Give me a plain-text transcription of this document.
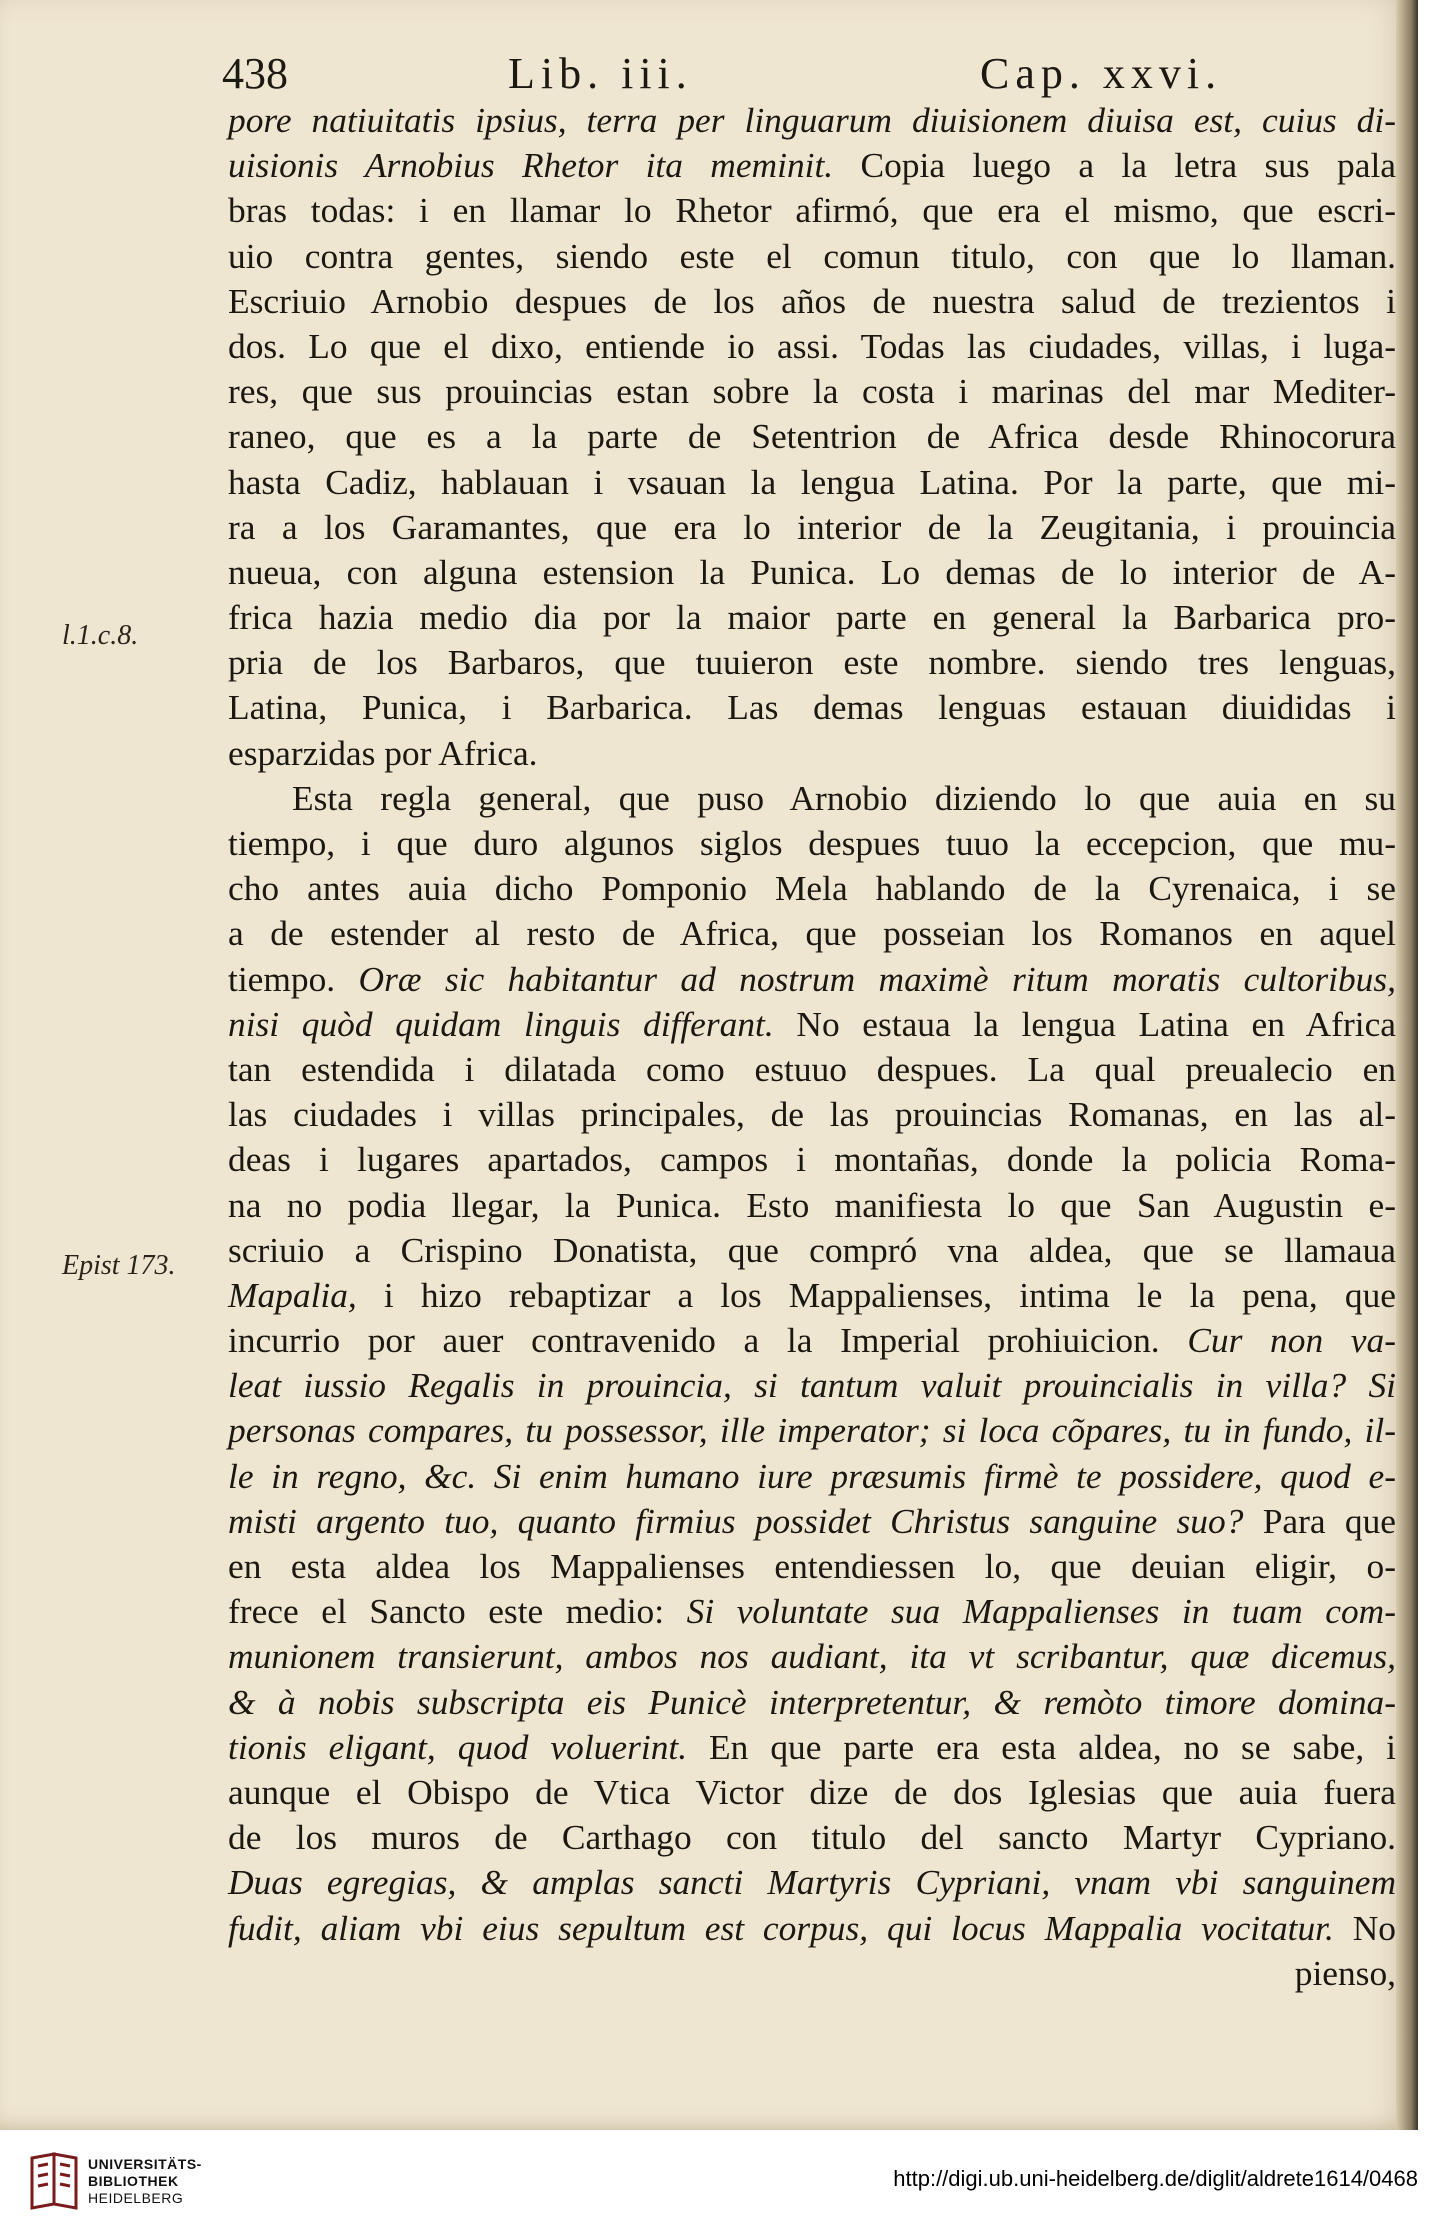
438	Lib. iii.	Cap. xxvi.
l.1.c.8.
Epist 173.
pore natiuitatis ipsius, terra per linguarum diuisionem diuisa est, cuius di-
uisionis Arnobius Rhetor ita meminit. Copia luego a la letra sus pala
bras todas: i en llamar lo Rhetor afirmó, que era el mismo, que escri-
uio contra gentes, siendo este el comun titulo, con que lo llaman.
Escriuio Arnobio despues de los años de nuestra salud de trezientos i
dos. Lo que el dixo, entiende io assi. Todas las ciudades, villas, i luga-
res, que sus prouincias estan sobre la costa i marinas del mar Mediter-
raneo, que es a la parte de Setentrion de Africa desde Rhinocorura
hasta Cadiz, hablauan i vsauan la lengua Latina. Por la parte, que mi-
ra a los Garamantes, que era lo interior de la Zeugitania, i prouincia
nueua, con alguna estension la Punica. Lo demas de lo interior de A-
frica hazia medio dia por la maior parte en general la Barbarica pro-
pria de los Barbaros, que tuuieron este nombre. siendo tres lenguas,
Latina, Punica, i Barbarica. Las demas lenguas estauan diuididas i
esparzidas por Africa.
Esta regla general, que puso Arnobio diziendo lo que auia en su
tiempo, i que duro algunos siglos despues tuuo la eccepcion, que mu-
cho antes auia dicho Pomponio Mela hablando de la Cyrenaica, i se
a de estender al resto de Africa, que posseian los Romanos en aquel
tiempo. Oræ sic habitantur ad nostrum maximè ritum moratis cultoribus,
nisi quòd quidam linguis differant. No estaua la lengua Latina en Africa
tan estendida i dilatada como estuuo despues. La qual preualecio en
las ciudades i villas principales, de las prouincias Romanas, en las al-
deas i lugares apartados, campos i montañas, donde la policia Roma-
na no podia llegar, la Punica. Esto manifiesta lo que San Augustin e-
scriuio a Crispino Donatista, que compró vna aldea, que se llamaua
Mapalia, i hizo rebaptizar a los Mappalienses, intima le la pena, que
incurrio por auer contravenido a la Imperial prohiuicion. Cur non va-
leat iussio Regalis in prouincia, si tantum valuit prouincialis in villa? Si
personas compares, tu possessor, ille imperator; si loca cõpares, tu in fundo, il-
le in regno, &c. Si enim humano iure præsumis firmè te possidere, quod e-
misti argento tuo, quanto firmius possidet Christus sanguine suo? Para que
en esta aldea los Mappalienses entendiessen lo, que deuian eligir, o-
frece el Sancto este medio: Si voluntate sua Mappalienses in tuam com-
munionem transierunt, ambos nos audiant, ita vt scribantur, quæ dicemus,
& à nobis subscripta eis Punicè interpretentur, & remòto timore domina-
tionis eligant, quod voluerint. En que parte era esta aldea, no se sabe, i
aunque el Obispo de Vtica Victor dize de dos Iglesias que auia fuera
de los muros de Carthago con titulo del sancto Martyr Cypriano.
Duas egregias, & amplas sancti Martyris Cypriani, vnam vbi sanguinem
fudit, aliam vbi eius sepultum est corpus, qui locus Mappalia vocitatur. No
pienso,
UNIVERSITÄTS-
BIBLIOTHEK
HEIDELBERG
http://digi.ub.uni-heidelberg.de/diglit/aldrete1614/0468
